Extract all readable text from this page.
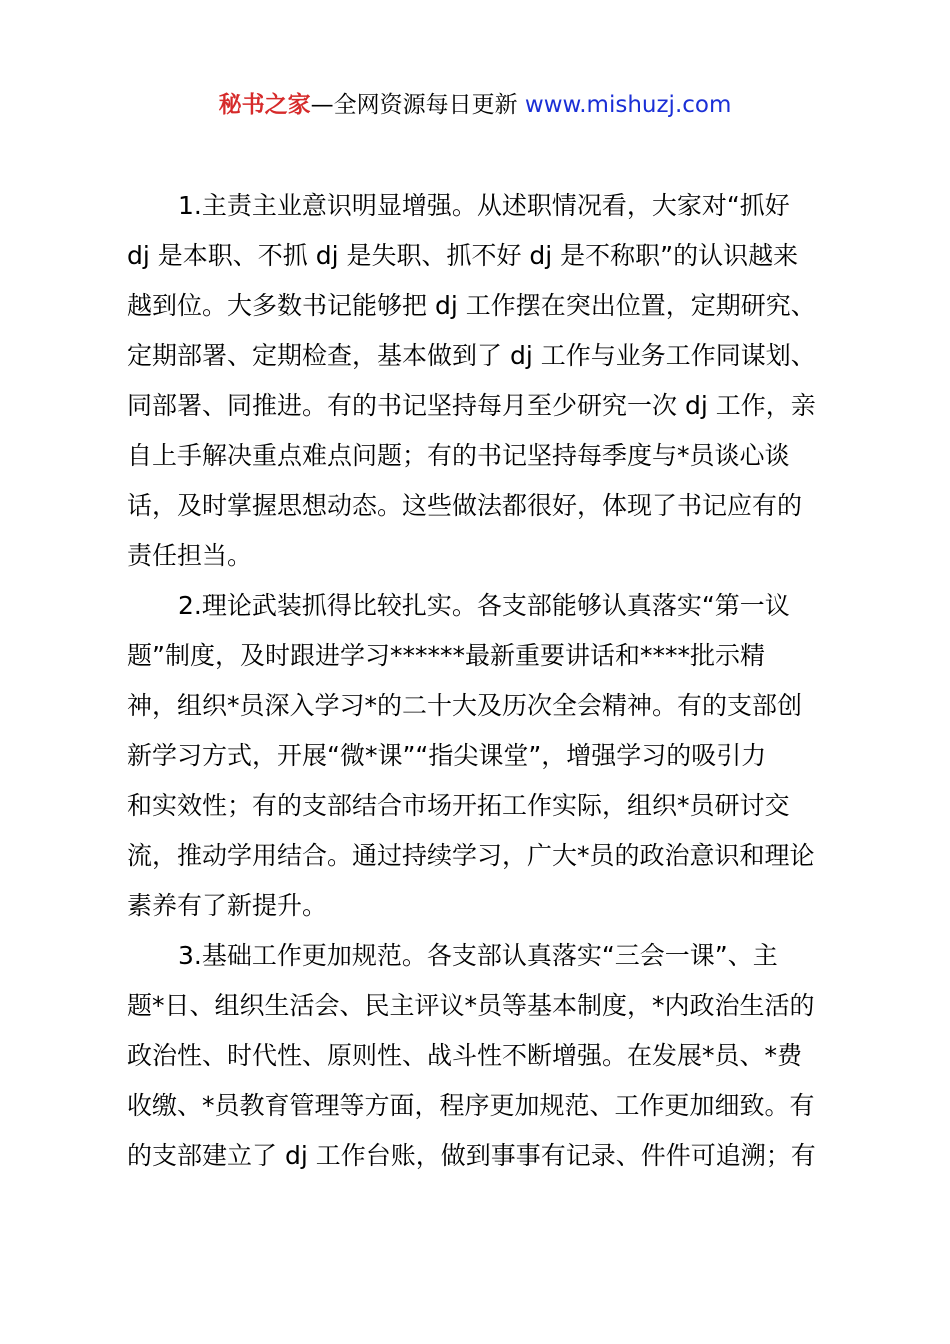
秘书之家—全网资源每日更新 www.mishuzj.com
1.主责主业意识明显增强。从述职情况看，大家对“抓好
dj 是本职、不抓 dj 是失职、抓不好 dj 是不称职”的认识越来
越到位。大多数书记能够把 dj 工作摆在突出位置，定期研究、
定期部署、定期检查，基本做到了 dj 工作与业务工作同谋划、
同部署、同推进。有的书记坚持每月至少研究一次 dj 工作，亲
自上手解决重点难点问题；有的书记坚持每季度与*员谈心谈
话，及时掌握思想动态。这些做法都很好，体现了书记应有的
责任担当。
2.理论武装抓得比较扎实。各支部能够认真落实“第一议
题”制度，及时跟进学习******最新重要讲话和****批示精
神，组织*员深入学习*的二十大及历次全会精神。有的支部创
新学习方式，开展“微*课”“指尖课堂”，增强学习的吸引力
和实效性；有的支部结合市场开拓工作实际，组织*员研讨交
流，推动学用结合。通过持续学习，广大*员的政治意识和理论
素养有了新提升。
3.基础工作更加规范。各支部认真落实“三会一课”、主
题*日、组织生活会、民主评议*员等基本制度，*内政治生活的
政治性、时代性、原则性、战斗性不断增强。在发展*员、*费
收缴、*员教育管理等方面，程序更加规范、工作更加细致。有
的支部建立了 dj 工作台账，做到事事有记录、件件可追溯；有
